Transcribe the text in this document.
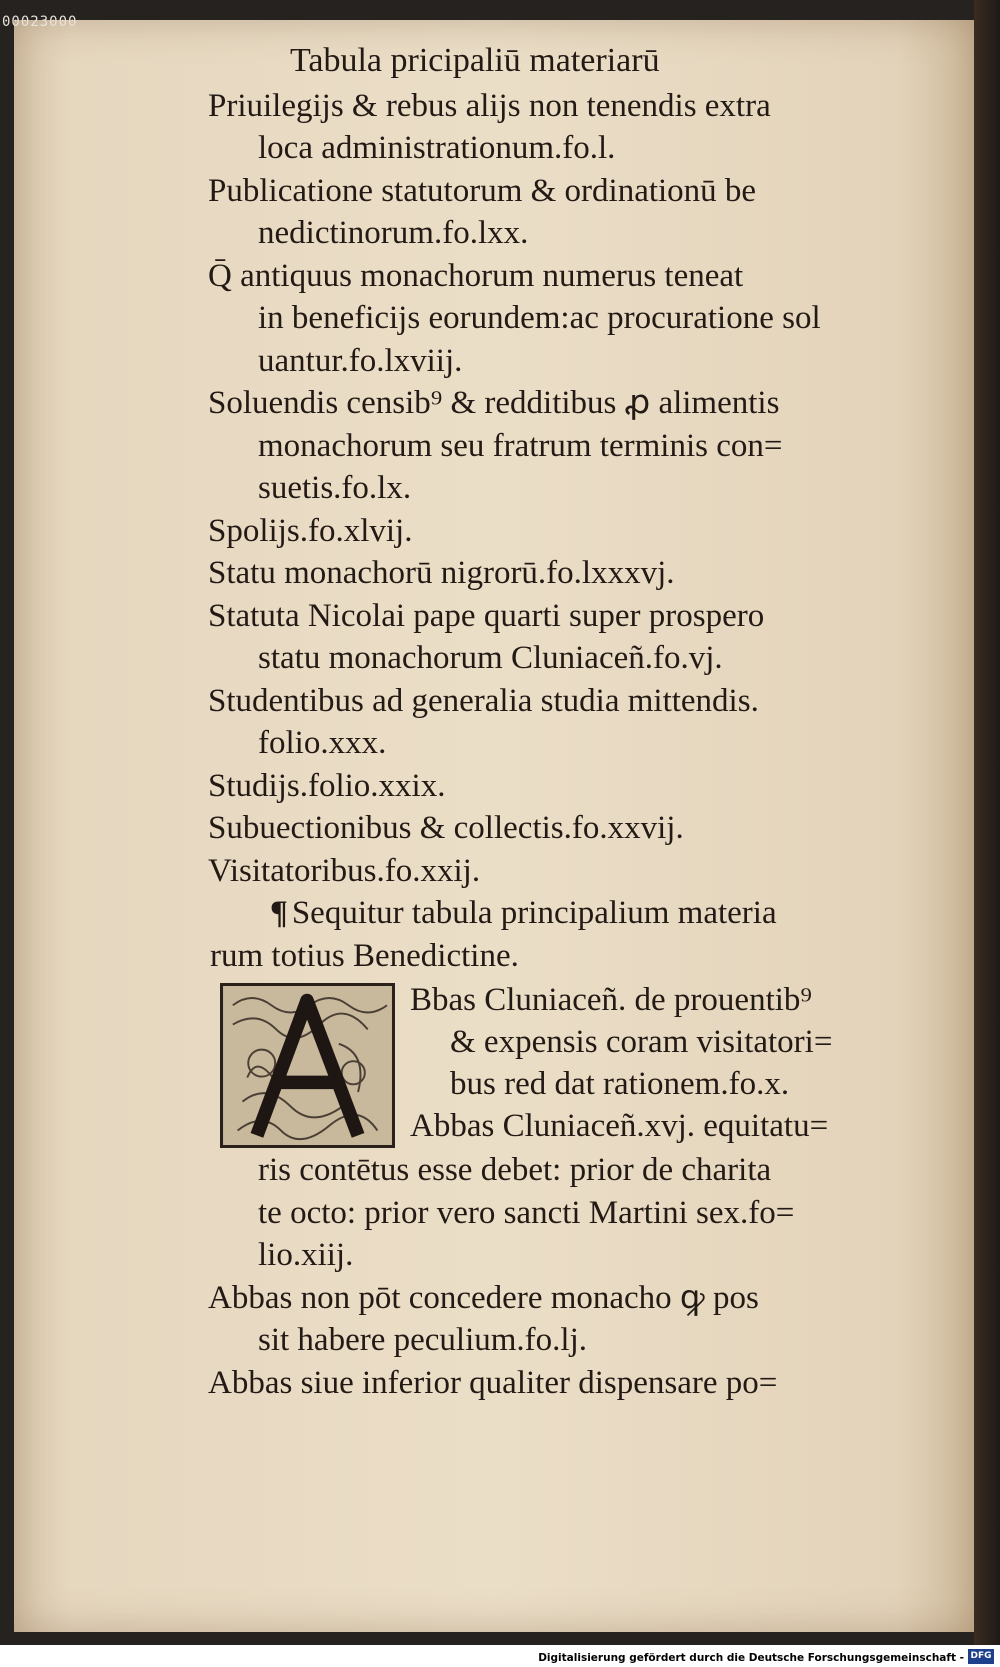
00023000
Tabula pricipaliū materiarū
Priuilegijs & rebus alijs non tenendis extra
loca administrationum.fo.l.
Publicatione statutorum & ordinationū be
nedictinorum.fo.lxx.
Q̄ antiquus monachorum numerus teneat
in beneficijs eorundem:ac procuratione sol
uantur.fo.lxviij.
Soluendis censib⁹ & redditibus ꝓ alimentis
monachorum seu fratrum terminis con=
suetis.fo.lx.
Spolijs.fo.xlvij.
Statu monachorū nigrorū.fo.lxxxvj.
Statuta Nicolai pape quarti super prospero
statu monachorum Cluniaceñ.fo.vj.
Studentibus ad generalia studia mittendis.
folio.xxx.
Studijs.folio.xxix.
Subuectionibus & collectis.fo.xxvij.
Visitatoribus.fo.xxij.
¶ Sequitur tabula principalium materia
rum totius Benedictine.
Bbas Cluniaceñ. de prouentib⁹
& expensis coram visitatori=
bus red dat rationem.fo.x.
Abbas Cluniaceñ.xvj. equitatu=
ris contētus esse debet: prior de charita
te octo: prior vero sancti Martini sex.fo=
lio.xiij.
Abbas non pōt concedere monacho ꝙ pos
sit habere peculium.fo.lj.
Abbas siue inferior qualiter dispensare po=
Digitalisierung gefördert durch die Deutsche Forschungsgemeinschaft - DFG
